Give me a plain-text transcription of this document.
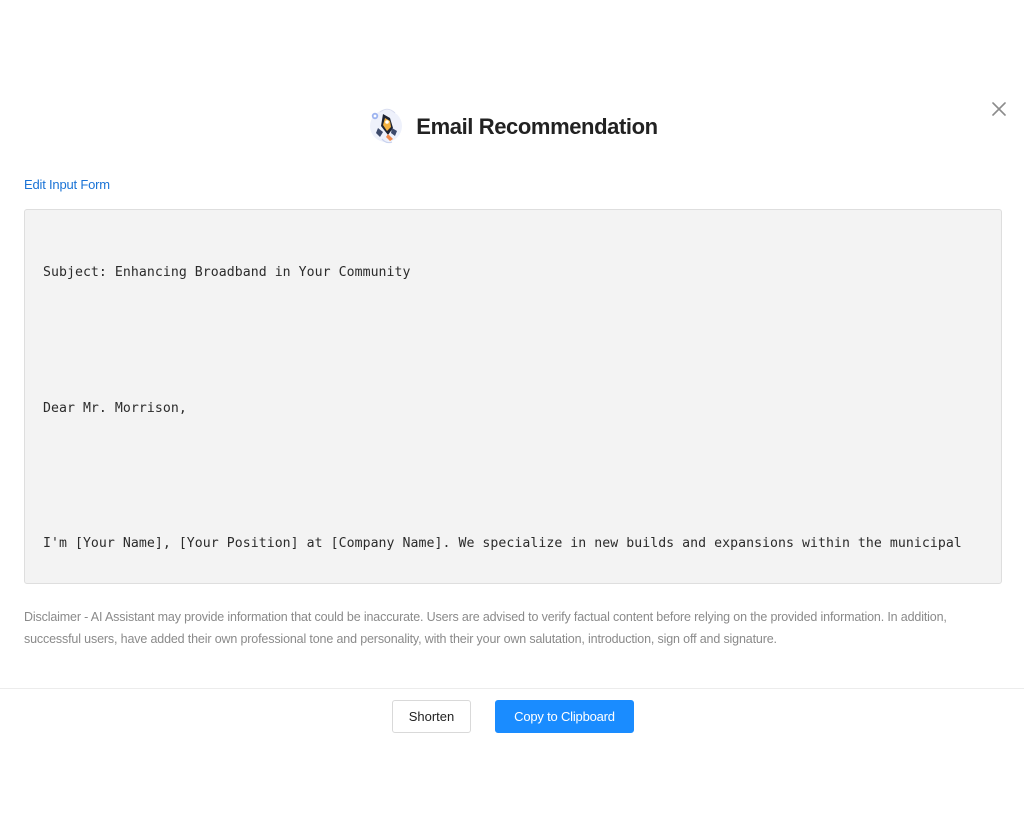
Email Recommendation
Edit Input Form

Subject: Enhancing Broadband in Your Community

Dear Mr. Morrison,

I'm [Your Name], [Your Position] at [Company Name]. We specialize in new builds and expansions within the municipal

Disclaimer - AI Assistant may provide information that could be inaccurate. Users are advised to verify factual content before relying on the provided information. In addition, successful users, have added their own professional tone and personality, with their your own salutation, introduction, sign off and signature.
Shorten	Copy to Clipboard
